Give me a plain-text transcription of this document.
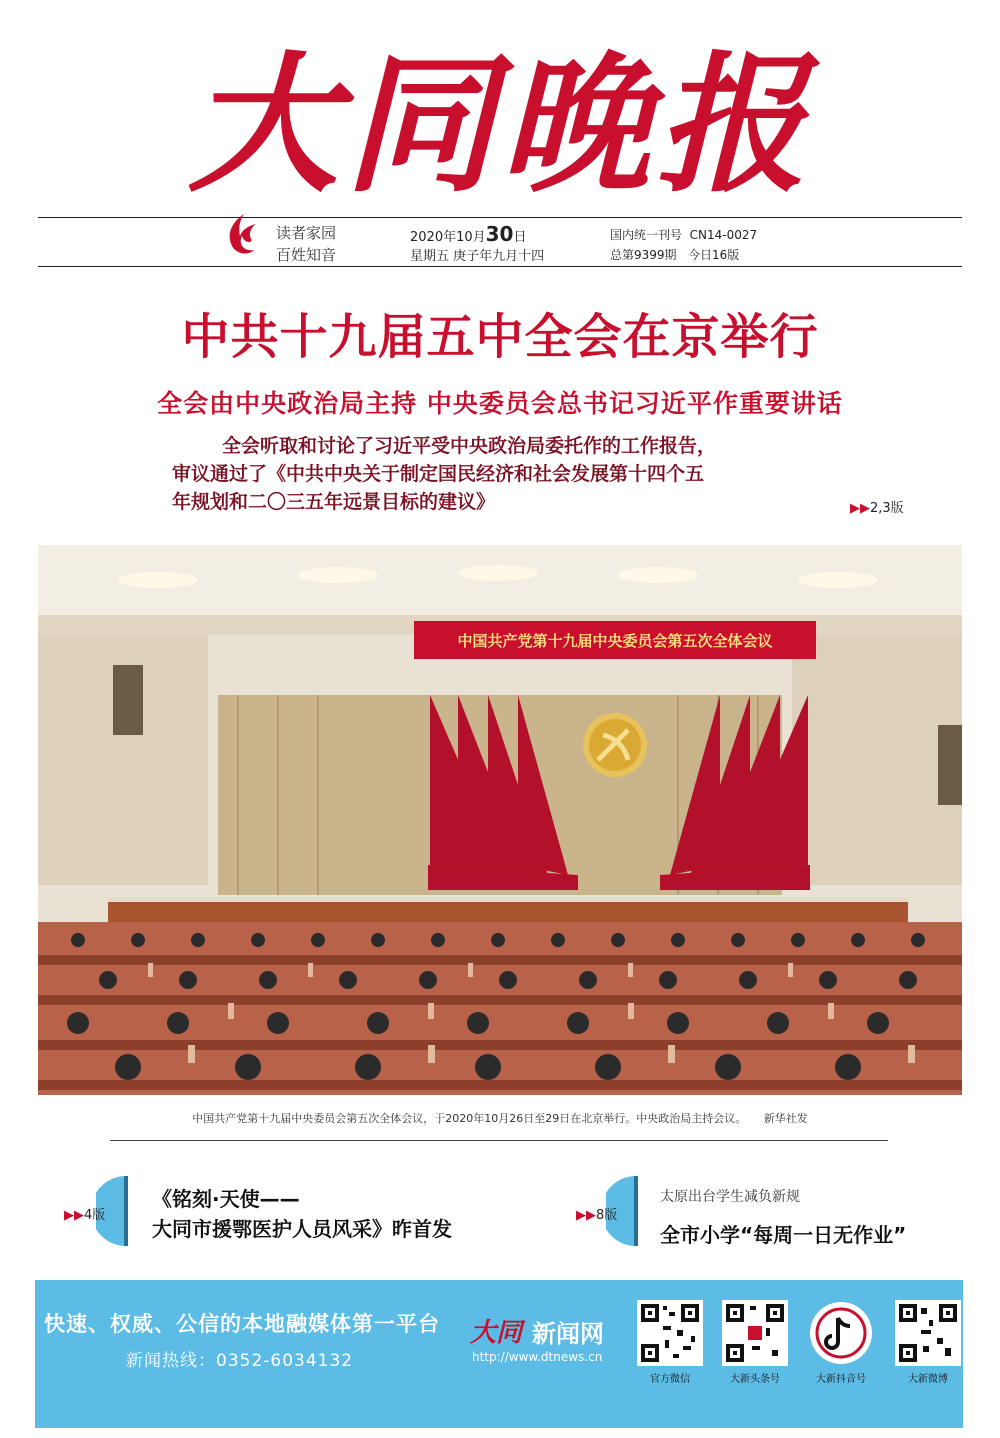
大同晚报
读者家园
百姓知音
2020年10月30日
星期五 庚子年九月十四
国内统一刊号 CN14-0027
总第9399期 今日16版
中共十九届五中全会在京举行
全会由中央政治局主持 中央委员会总书记习近平作重要讲话
全会听取和讨论了习近平受中央政治局委托作的工作报告，
审议通过了《中共中央关于制定国民经济和社会发展第十四个五
年规划和二〇三五年远景目标的建议》	▶▶2,3版
中国共产党第十九届中央委员会第五次全体会议
中国共产党第十九届中央委员会第五次全体会议，于2020年10月26日至29日在北京举行。中央政治局主持会议。 新华社发
▶▶4版
《铭刻·天使——
大同市援鄂医护人员风采》昨首发
▶▶8版
太原出台学生减负新规
全市小学“每周一日无作业”
快速、权威、公信的本地融媒体第一平台
新闻热线：0352-6034132
大同 新闻网
http://www.dtnews.cn
官方微信	大新头条号	大新抖音号	大新微博
